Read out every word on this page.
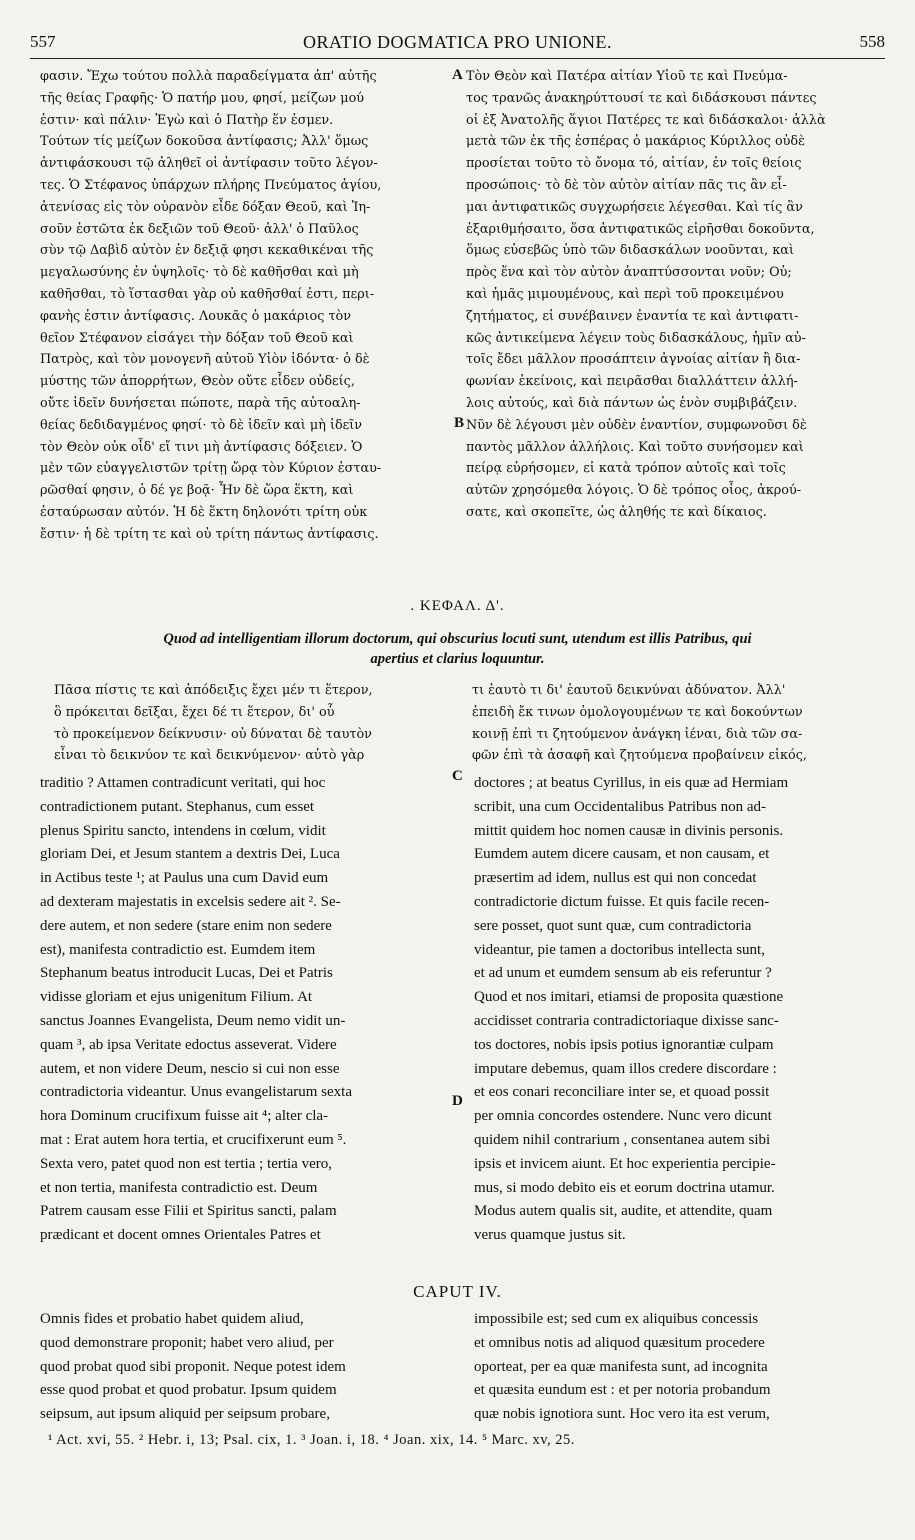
557	ORATIO DOGMATICA PRO UNIONE.	558
φασιν. Ἔχω τούτου πολλὰ παραδείγματα ἀπ' αὐτῆς
τῆς θείας Γραφῆς· Ὁ πατήρ μου, φησί, μείζων μού
ἐστιν· καὶ πάλιν· Ἐγὼ καὶ ὁ Πατὴρ ἕν ἐσμεν.
Τούτων τίς μείζων δοκοῦσα ἀντίφασις; Ἀλλ' ὅμως
ἀντιφάσκουσι τῷ ἀληθεῖ οἱ ἀντίφασιν τοῦτο λέγον-
τες. Ὁ Στέφανος ὑπάρχων πλήρης Πνεύματος ἁγίου,
ἀτενίσας εἰς τὸν οὐρανὸν εἶδε δόξαν Θεοῦ, καὶ Ἰη-
σοῦν ἑστῶτα ἐκ δεξιῶν τοῦ Θεοῦ· ἀλλ' ὁ Παῦλος
σὺν τῷ Δαβὶδ αὐτὸν ἐν δεξιᾷ φησι κεκαθικέναι τῆς
μεγαλωσύνης ἐν ὑψηλοῖς· τὸ δὲ καθῆσθαι καὶ μὴ
καθῆσθαι, τὸ ἵστασθαι γὰρ οὐ καθῆσθαί ἐστι, περι-
φανὴς ἐστιν ἀντίφασις. Λουκᾶς ὁ μακάριος τὸν
θεῖον Στέφανον εἰσάγει τὴν δόξαν τοῦ Θεοῦ καὶ
Πατρὸς, καὶ τὸν μονογενῆ αὐτοῦ Υἱὸν ἰδόντα· ὁ δὲ
μύστης τῶν ἀπορρήτων, Θεὸν οὔτε εἶδεν οὐδείς,
οὔτε ἰδεῖν δυνήσεται πώποτε, παρὰ τῆς αὐτοαλη-
θείας δεδιδαγμένος φησί· τὸ δὲ ἰδεῖν καὶ μὴ ἰδεῖν
τὸν Θεὸν οὐκ οἶδ' εἴ τινι μὴ ἀντίφασις δόξειεν. Ὁ
μὲν τῶν εὐαγγελιστῶν τρίτῃ ὥρᾳ τὸν Κύριον ἐσταυ-
ρῶσθαί φησιν, ὁ δέ γε βοᾷ· Ἦν δὲ ὥρα ἕκτη, καὶ
ἐσταύρωσαν αὐτόν. Ἡ δὲ ἕκτη δηλονότι τρίτη οὐκ
ἔστιν· ἡ δὲ τρίτη τε καὶ οὐ τρίτη πάντως ἀντίφασις.
Τὸν Θεὸν καὶ Πατέρα αἰτίαν Υἱοῦ τε καὶ Πνεύμα-
τος τρανῶς ἀνακηρύττουσί τε καὶ διδάσκουσι πάντες
οἱ ἐξ Ἀνατολῆς ἅγιοι Πατέρες τε καὶ διδάσκαλοι· ἀλλὰ
μετὰ τῶν ἐκ τῆς ἑσπέρας ὁ μακάριος Κύριλλος οὐδὲ
προσίεται τοῦτο τὸ ὄνομα τό, αἰτίαν, ἐν τοῖς θείοις
προσώποις· τὸ δὲ τὸν αὐτὸν αἰτίαν πᾶς τις ἂν εἶ-
μαι ἀντιφατικῶς συγχωρήσειε λέγεσθαι. Καὶ τίς ἂν
ἐξαριθμήσαιτο, ὅσα ἀντιφατικῶς εἰρῆσθαι δοκοῦντα,
ὅμως εὐσεβῶς ὑπὸ τῶν διδασκάλων νοοῦνται, καὶ
πρὸς ἕνα καὶ τὸν αὐτὸν ἀναπτύσσονται νοῦν; Οὐ;
καὶ ἡμᾶς μιμουμένους, καὶ περὶ τοῦ προκειμένου
ζητήματος, εἰ συνέβαινεν ἐναντία τε καὶ ἀντιφατι-
κῶς ἀντικείμενα λέγειν τοὺς διδασκάλους, ἡμῖν αὐ-
τοῖς ἔδει μᾶλλον προσάπτειν ἀγνοίας αἰτίαν ἢ δια-
φωνίαν ἐκείνοις, καὶ πειρᾶσθαι διαλλάττειν ἀλλή-
λοις αὐτούς, καὶ διὰ πάντων ὡς ἑνὸν συμβιβάζειν.
Νῦν δὲ λέγουσι μὲν οὐδὲν ἐναντίον, συμφωνοῦσι δὲ
παντὸς μᾶλλον ἀλλήλοις. Καὶ τοῦτο συνήσομεν καὶ
πείρᾳ εὑρήσομεν, εἰ κατὰ τρόπον αὐτοῖς καὶ τοῖς
αὐτῶν χρησόμεθα λόγοις. Ὁ δὲ τρόπος οἷος, ἀκρού-
σατε, καὶ σκοπεῖτε, ὡς ἀληθής τε καὶ δίκαιος.
A
B
C
D
. ΚΕΦΑΛ. Δ'.
Quod ad intelligentiam illorum doctorum, qui obscurius locuti sunt, utendum est illis Patribus, qui
apertius et clarius loquuntur.
Πᾶσα πίστις τε καὶ ἀπόδειξις ἔχει μέν τι ἕτερον,
ὃ πρόκειται δεῖξαι, ἔχει δέ τι ἕτερον, δι' οὗ
τὸ προκείμενον δείκνυσιν· οὐ δύναται δὲ ταυτὸν
εἶναι τὸ δεικνύον τε καὶ δεικνύμενον· αὐτὸ γὰρ
τι ἑαυτὸ τι δι' ἑαυτοῦ δεικνύναι ἀδύνατον. Ἀλλ'
ἐπειδὴ ἔκ τινων ὁμολογουμένων τε καὶ δοκούντων
κοινῇ ἐπὶ τι ζητούμενον ἀνάγκη ἰέναι, διὰ τῶν σα-
φῶν ἐπὶ τὰ ἀσαφῆ καὶ ζητούμενα προβαίνειν εἰκός,
traditio ? Attamen contradicunt veritati, qui hoc
contradictionem putant. Stephanus, cum esset
plenus Spiritu sancto, intendens in cœlum, vidit
gloriam Dei, et Jesum stantem a dextris Dei, Luca
in Actibus teste ¹; at Paulus una cum David eum
ad dexteram majestatis in excelsis sedere ait ². Se-
dere autem, et non sedere (stare enim non sedere
est), manifesta contradictio est. Eumdem item
Stephanum beatus introducit Lucas, Dei et Patris
vidisse gloriam et ejus unigenitum Filium. At
sanctus Joannes Evangelista, Deum nemo vidit un-
quam ³, ab ipsa Veritate edoctus asseverat. Videre
autem, et non videre Deum, nescio si cui non esse
contradictoria videantur. Unus evangelistarum sexta
hora Dominum crucifixum fuisse ait ⁴; alter cla-
mat : Erat autem hora tertia, et crucifixerunt eum ⁵.
Sexta vero, patet quod non est tertia ; tertia vero,
et non tertia, manifesta contradictio est. Deum
Patrem causam esse Filii et Spiritus sancti, palam
prædicant et docent omnes Orientales Patres et
doctores ; at beatus Cyrillus, in eis quæ ad Hermiam
scribit, una cum Occidentalibus Patribus non ad-
mittit quidem hoc nomen causæ in divinis personis.
Eumdem autem dicere causam, et non causam, et
præsertim ad idem, nullus est qui non concedat
contradictorie dictum fuisse. Et quis facile recen-
sere posset, quot sunt quæ, cum contradictoria
videantur, pie tamen a doctoribus intellecta sunt,
et ad unum et eumdem sensum ab eis referuntur ?
Quod et nos imitari, etiamsi de proposita quæstione
accidisset contraria contradictoriaque dixisse sanc-
tos doctores, nobis ipsis potius ignorantiæ culpam
imputare debemus, quam illos credere discordare :
et eos conari reconciliare inter se, et quoad possit
per omnia concordes ostendere. Nunc vero dicunt
quidem nihil contrarium , consentanea autem sibi
ipsis et invicem aiunt. Et hoc experientia percipie-
mus, si modo debito eis et eorum doctrina utamur.
Modus autem qualis sit, audite, et attendite, quam
verus quamque justus sit.
CAPUT IV.
Omnis fides et probatio habet quidem aliud,
quod demonstrare proponit; habet vero aliud, per
quod probat quod sibi proponit. Neque potest idem
esse quod probat et quod probatur. Ipsum quidem
seipsum, aut ipsum aliquid per seipsum probare,
impossibile est; sed cum ex aliquibus concessis
et omnibus notis ad aliquod quæsitum procedere
oporteat, per ea quæ manifesta sunt, ad incognita
et quæsita eundum est : et per notoria probandum
quæ nobis ignotiora sunt. Hoc vero ita est verum,
¹ Act. xvi, 55. ² Hebr. i, 13; Psal. cix, 1. ³ Joan. i, 18. ⁴ Joan. xix, 14. ⁵ Marc. xv, 25.
